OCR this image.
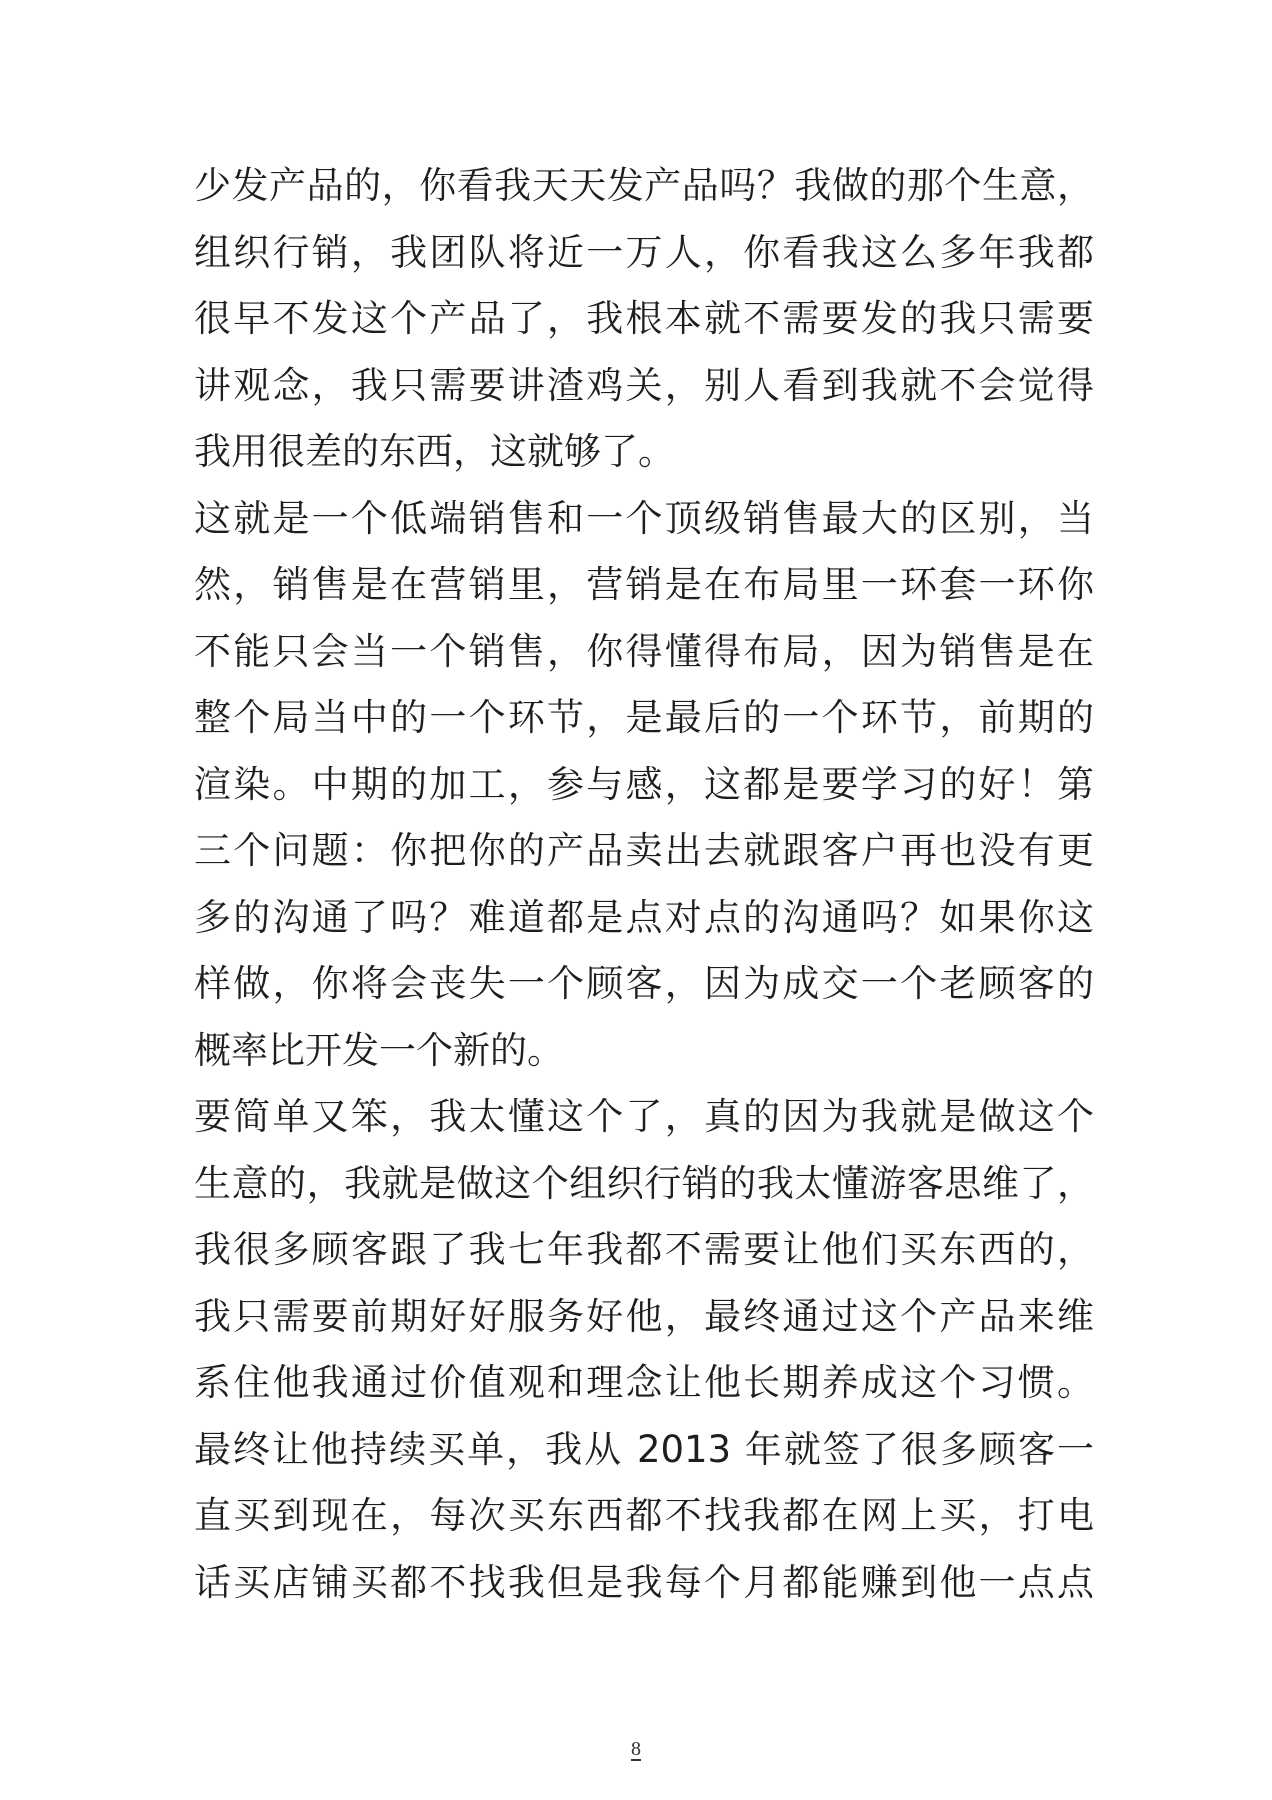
少发产品的，你看我天天发产品吗？我做的那个生意，
组织行销，我团队将近一万人，你看我这么多年我都
很早不发这个产品了，我根本就不需要发的我只需要
讲观念，我只需要讲渣鸡关，别人看到我就不会觉得
我用很差的东西，这就够了。
这就是一个低端销售和一个顶级销售最大的区别，当
然，销售是在营销里，营销是在布局里一环套一环你
不能只会当一个销售，你得懂得布局，因为销售是在
整个局当中的一个环节，是最后的一个环节，前期的
渲染。中期的加工，参与感，这都是要学习的好！第
三个问题：你把你的产品卖出去就跟客户再也没有更
多的沟通了吗？难道都是点对点的沟通吗？如果你这
样做，你将会丧失一个顾客，因为成交一个老顾客的
概率比开发一个新的。
要简单又笨，我太懂这个了，真的因为我就是做这个
生意的，我就是做这个组织行销的我太懂游客思维了，
我很多顾客跟了我七年我都不需要让他们买东西的，
我只需要前期好好服务好他，最终通过这个产品来维
系住他我通过价值观和理念让他长期养成这个习惯。
最终让他持续买单，我从 2013 年就签了很多顾客一
直买到现在，每次买东西都不找我都在网上买，打电
话买店铺买都不找我但是我每个月都能赚到他一点点
8
